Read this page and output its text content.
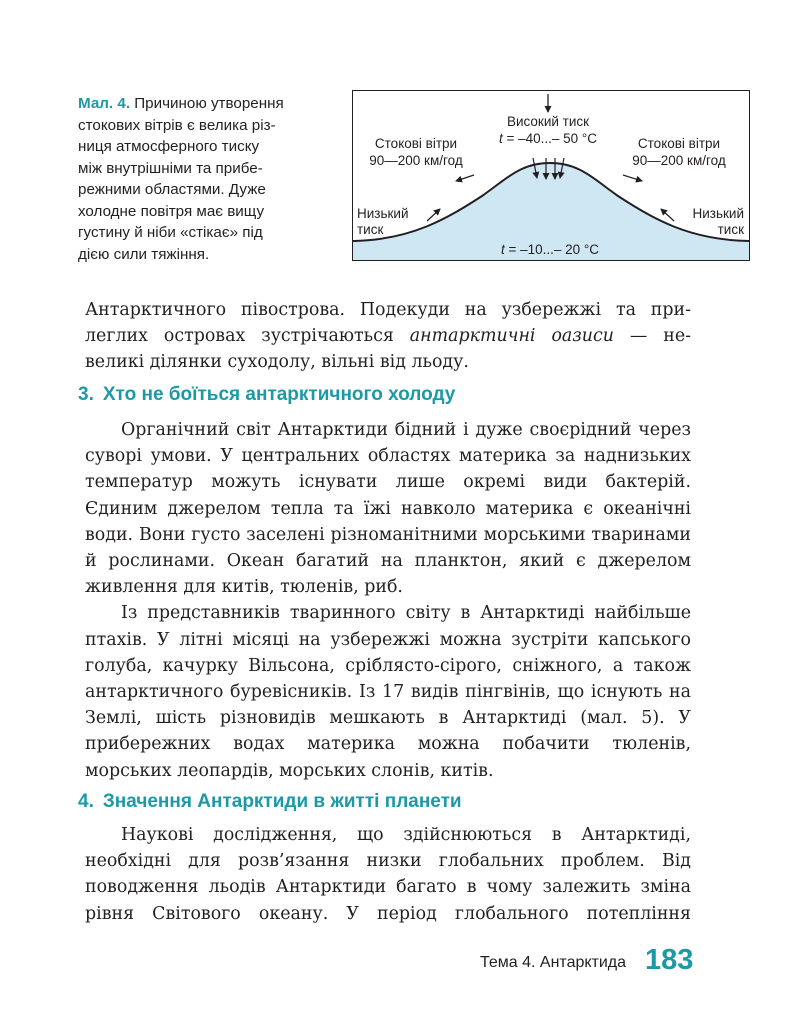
Мал. 4. Причиною утворення
стокових вітрів є велика різ-
ниця атмосферного тиску
між внутрішніми та прибе-
режними областями. Дуже
холодне повітря має вищу
густину й ніби «стікає» під
дією сили тяжіння.
Високий тиск
t = –40...– 50 °C
Стокові вітри
90—200 км/год
Стокові вітри
90—200 км/год
Низький
тиск
Низький
тиск
t = –10...– 20 °C

Антарктичного півострова. Подекуди на узбережжі та при-

леглих островах зустрічаються антарктичні оазиси — не-

великі ділянки суходолу, вільні від льоду.

3. Хто не боїться антарктичного холоду

Органічний світ Антарктиди бідний і дуже своєрідний через суворі умови. У центральних областях материка за наднизьких температур можуть існувати лише окремі види бактерій. Єдиним джерелом тепла та їжі навколо материка є океанічні води. Вони густо заселені різноманітними морськими тваринами й рослинами. Океан багатий на планктон, який є джерелом живлення для китів, тюленів, риб.

Із представників тваринного світу в Антарктиді найбільше птахів. У літні місяці на узбережжі можна зустріти капського голуба, качурку Вільсона, сріблясто-сірого, сніжного, а також антарктичного буревісників. Із 17 видів пінгвінів, що існують на Землі, шість різновидів мешкають в Антарктиді (мал. 5). У прибережних водах материка можна побачити тюленів, морських леопардів, морських слонів, китів.

4. Значення Антарктиди в житті планети

Наукові дослідження, що здійснюються в Антарктиді, необхідні для розв’язання низки глобальних проблем. Від поводження льодів Антарктиди багато в чому залежить зміна рівня Світового океану. У період глобального потепління

Тема 4. Антарктида 183
